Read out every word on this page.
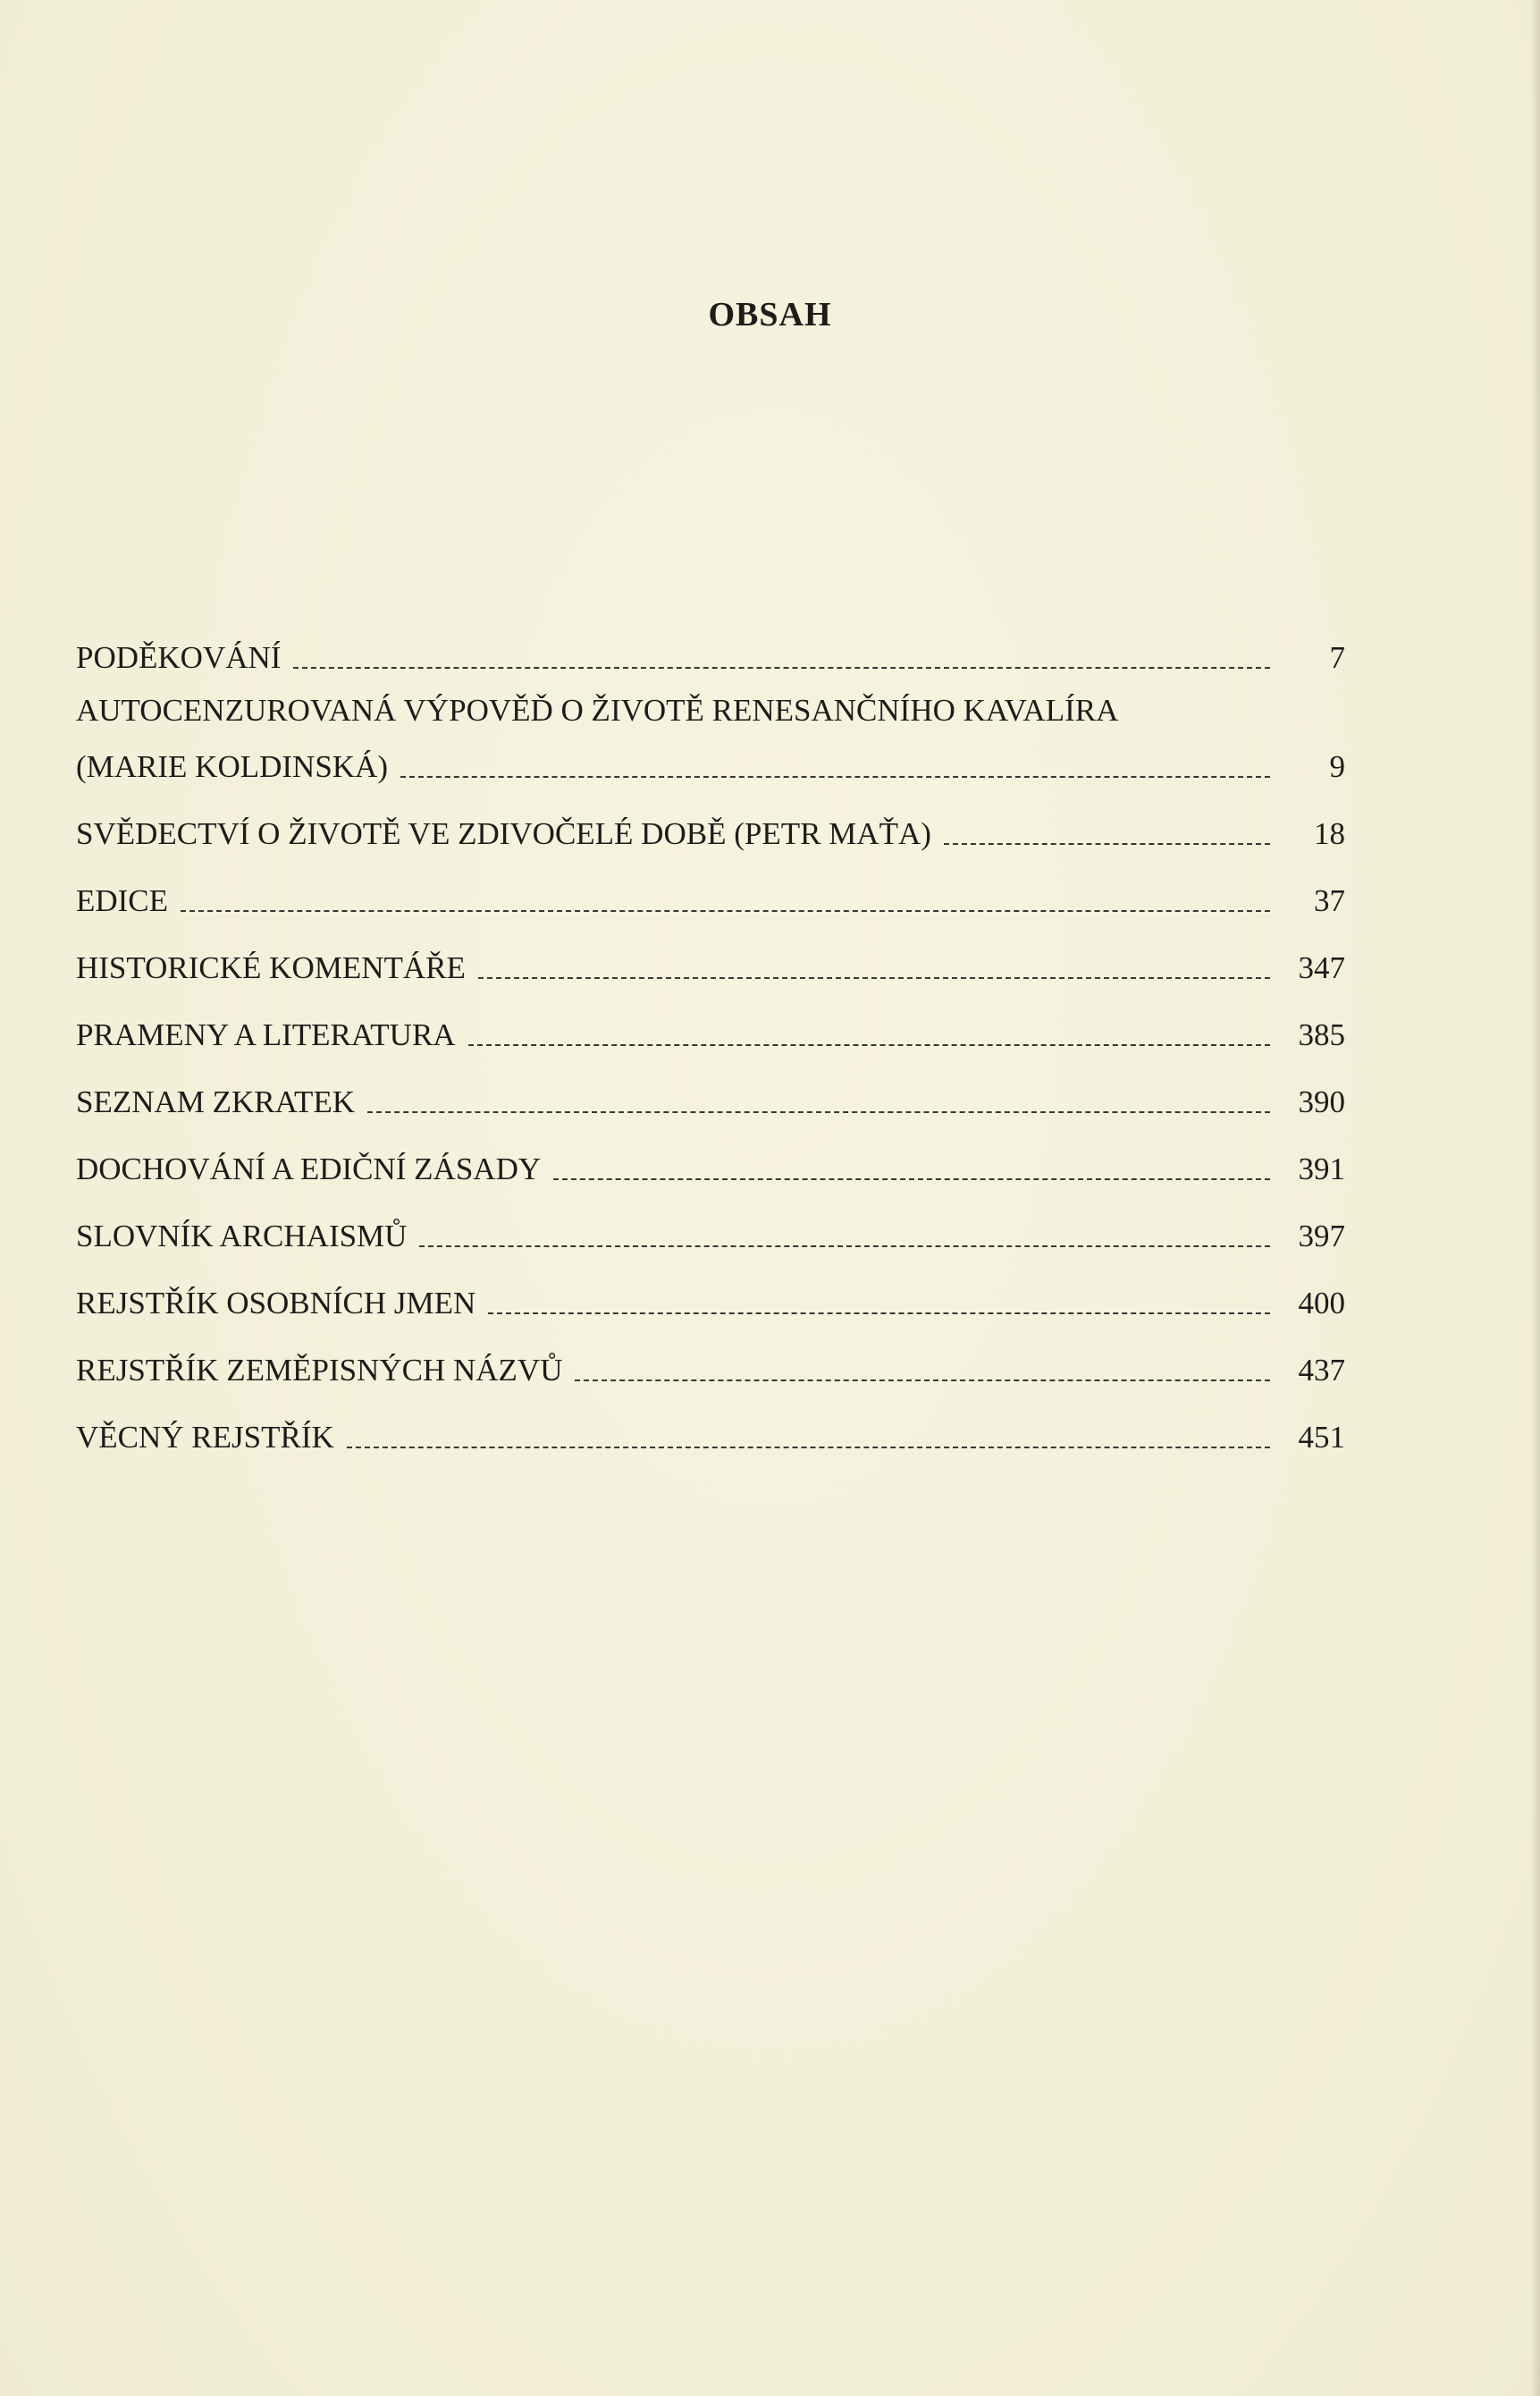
OBSAH
PODĚKOVÁNÍ	7
AUTOCENZUROVANÁ VÝPOVĚĎ O ŽIVOTĚ RENESANČNÍHO KAVALÍRA
(MARIE KOLDINSKÁ)	9
SVĚDECTVÍ O ŽIVOTĚ VE ZDIVOČELÉ DOBĚ (PETR MAŤA)	18
EDICE	37
HISTORICKÉ KOMENTÁŘE	347
PRAMENY A LITERATURA	385
SEZNAM ZKRATEK	390
DOCHOVÁNÍ A EDIČNÍ ZÁSADY	391
SLOVNÍK ARCHAISMŮ	397
REJSTŘÍK OSOBNÍCH JMEN	400
REJSTŘÍK ZEMĚPISNÝCH NÁZVŮ	437
VĚCNÝ REJSTŘÍK	451
